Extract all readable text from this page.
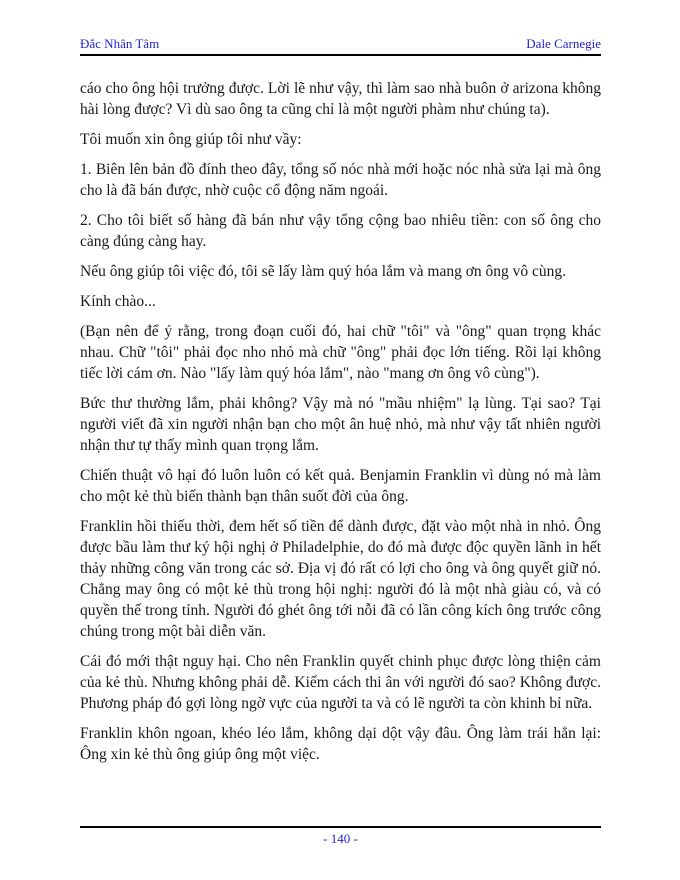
Đắc Nhân Tâm	Dale Carnegie

cáo cho ông hội trưởng được. Lời lẽ như vậy, thì làm sao nhà buôn ở arizona không hài lòng được? Vì dù sao ông ta cũng chỉ là một người phàm như chúng ta).

Tôi muốn xin ông giúp tôi như vầy:

1. Biên lên bản đồ đính theo đây, tổng số nóc nhà mới hoặc nóc nhà sửa lại mà ông cho là đã bán được, nhờ cuộc cổ động năm ngoái.

2. Cho tôi biết số hàng đã bán như vậy tổng cộng bao nhiêu tiền: con số ông cho càng đúng càng hay.

Nếu ông giúp tôi việc đó, tôi sẽ lấy làm quý hóa lắm và mang ơn ông vô cùng.

Kính chào...

(Bạn nên để ý rằng, trong đoạn cuối đó, hai chữ "tôi" và "ông" quan trọng khác nhau. Chữ "tôi" phải đọc nho nhỏ mà chữ "ông" phải đọc lớn tiếng. Rồi lại không tiếc lời cám ơn. Nào "lấy làm quý hóa lắm", nào "mang ơn ông vô cùng").

Bức thư thường lắm, phải không? Vậy mà nó "mầu nhiệm" lạ lùng. Tại sao? Tại người viết đã xin người nhận bạn cho một ân huệ nhỏ, mà như vậy tất nhiên người nhận thư tự thấy mình quan trọng lắm.

Chiến thuật vô hại đó luôn luôn có kết quả. Benjamin Franklin vì dùng nó mà làm cho một kẻ thù biến thành bạn thân suốt đời của ông.

Franklin hồi thiếu thời, đem hết số tiền để dành được, đặt vào một nhà in nhỏ. Ông được bầu làm thư ký hội nghị ở Philadelphie, do đó mà được độc quyền lãnh in hết thảy những công văn trong các sở. Địa vị đó rất có lợi cho ông và ông quyết giữ nó. Chẳng may ông có một kẻ thù trong hội nghị: người đó là một nhà giàu có, và có quyền thế trong tỉnh. Người đó ghét ông tới nỗi đã có lần công kích ông trước công chúng trong một bài diễn văn.

Cái đó mới thật nguy hại. Cho nên Franklin quyết chinh phục được lòng thiện cảm của kẻ thù. Nhưng không phải dễ. Kiếm cách thi ân với người đó sao? Không được. Phương pháp đó gợi lòng ngờ vực của người ta và có lẽ người ta còn khinh bỉ nữa.

Franklin khôn ngoan, khéo léo lắm, không dại dột vậy đâu. Ông làm trái hẳn lại: Ông xin kẻ thù ông giúp ông một việc.

- 140 -
